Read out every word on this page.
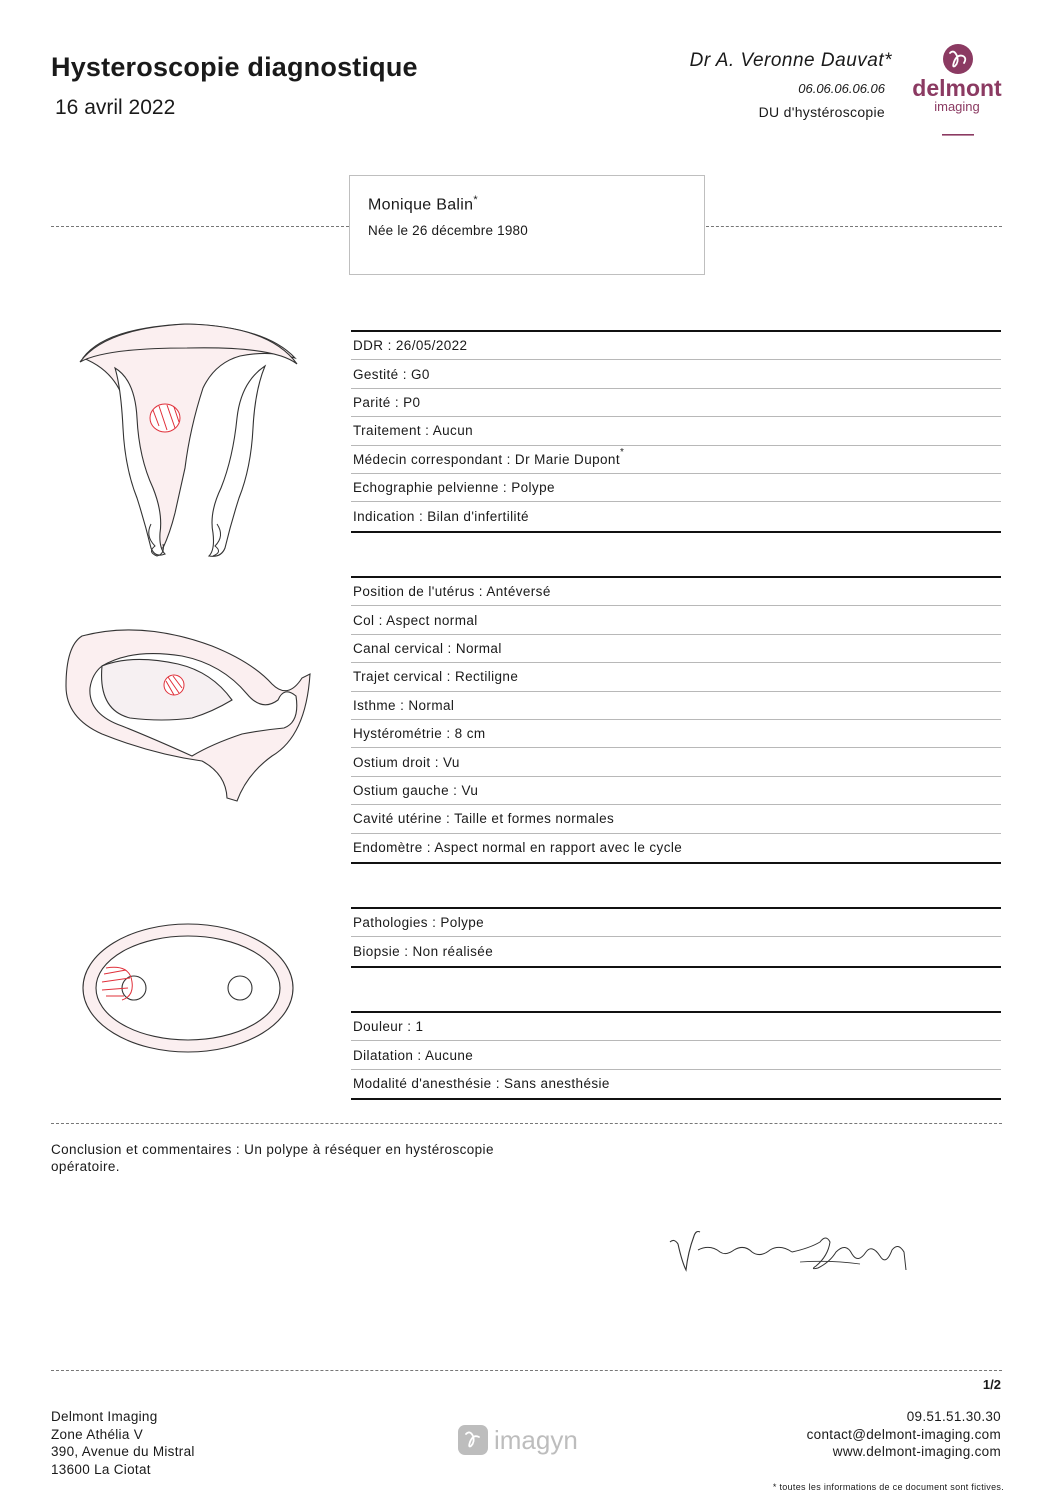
Hysteroscopie diagnostique
16 avril 2022
Dr A. Veronne Dauvat*
06.06.06.06.06
DU d'hystéroscopie
delmont
imaging
Monique Balin*
Née le 26 décembre 1980
DDR : 26/05/2022
Gestité : G0
Parité : P0
Traitement : Aucun
Médecin correspondant : Dr Marie Dupont*
Echographie pelvienne : Polype
Indication : Bilan d'infertilité
Position de l'utérus : Antéversé
Col : Aspect normal
Canal cervical : Normal
Trajet cervical : Rectiligne
Isthme : Normal
Hystérométrie : 8 cm
Ostium droit : Vu
Ostium gauche : Vu
Cavité utérine : Taille et formes normales
Endomètre : Aspect normal en rapport avec le cycle
Pathologies : Polype
Biopsie : Non réalisée
Douleur : 1
Dilatation : Aucune
Modalité d'anesthésie : Sans anesthésie
Conclusion et commentaires : Un polype à réséquer en hystéroscopie opératoire.
1/2
Delmont Imaging
Zone Athélia V
390, Avenue du Mistral
13600 La Ciotat
imagyn
09.51.51.30.30
contact@delmont-imaging.com
www.delmont-imaging.com
* toutes les informations de ce document sont fictives.
